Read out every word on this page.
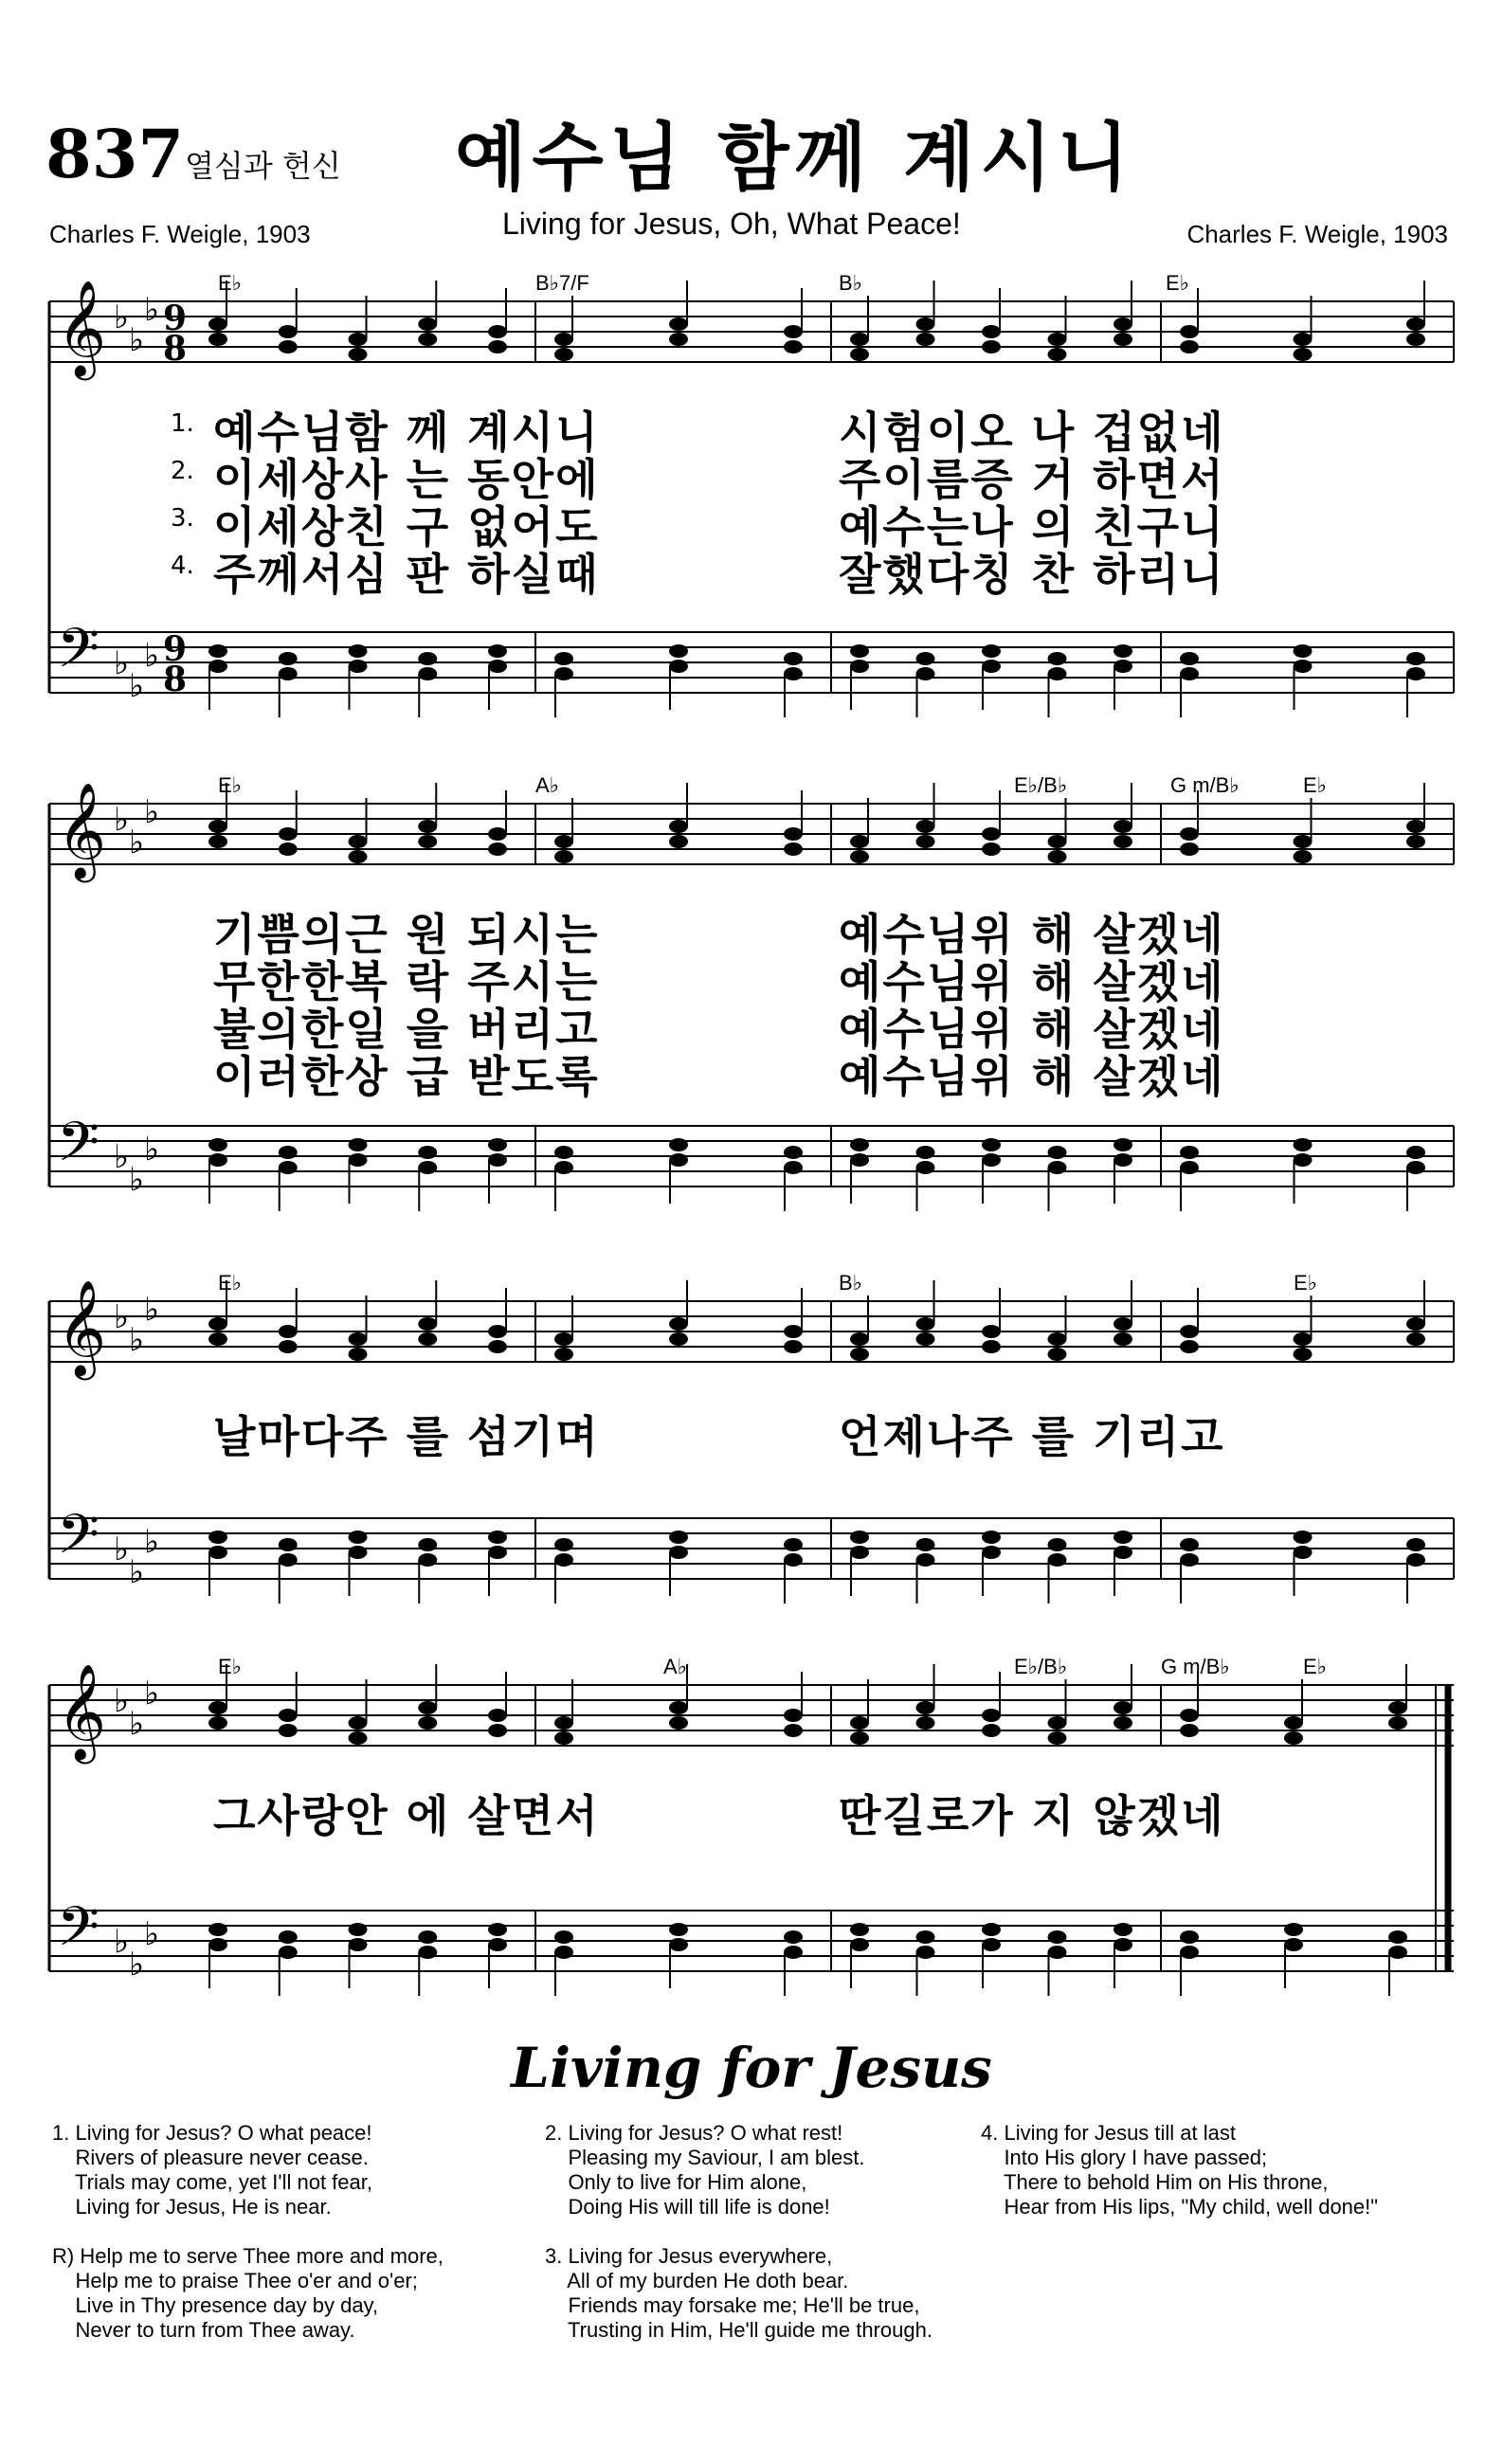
837 열심과 헌신 예수님 함께 계시니
Living for Jesus, Oh, What Peace!
Charles F. Weigle, 1903	Charles F. Weigle, 1903
𝄞 ♭
♭
♭ 9
8
𝄢 ♭
♭
♭ 9
8
E♭	B♭7/F	B♭	E♭
𝄞 ♭
♭
♭
𝄢 ♭
♭
♭
E♭	A♭	E♭/B♭	G m/B♭	E♭
𝄞 ♭
♭
♭
𝄢 ♭
♭
♭
E♭	B♭	E♭
𝄞 ♭
♭
♭
𝄢 ♭
♭
♭
E♭	A♭	E♭/B♭	G m/B♭	E♭
1. 예수님함 께 계시니	시험이오 나 겁없네
2. 이세상사 는 동안에	주이름증 거 하면서
3. 이세상친 구 없어도	예수는나 의 친구니
4. 주께서심 판 하실때	잘했다칭 찬 하리니
기쁨의근 원 되시는	예수님위 해 살겠네
무한한복 락 주시는	예수님위 해 살겠네
불의한일 을 버리고	예수님위 해 살겠네
이러한상 급 받도록	예수님위 해 살겠네
날마다주 를 섬기며	언제나주 를 기리고
그사랑안 에 살면서	딴길로가 지 않겠네
Living for Jesus
1. Living for Jesus? O what peace!
Rivers of pleasure never cease.
Trials may come, yet I'll not fear,
Living for Jesus, He is near.

R) Help me to serve Thee more and more,
Help me to praise Thee o'er and o'er;
Live in Thy presence day by day,
Never to turn from Thee away.
2. Living for Jesus? O what rest!
Pleasing my Saviour, I am blest.
Only to live for Him alone,
Doing His will till life is done!

3. Living for Jesus everywhere,
All of my burden He doth bear.
Friends may forsake me; He'll be true,
Trusting in Him, He'll guide me through.
4. Living for Jesus till at last
Into His glory I have passed;
There to behold Him on His throne,
Hear from His lips, "My child, well done!"
